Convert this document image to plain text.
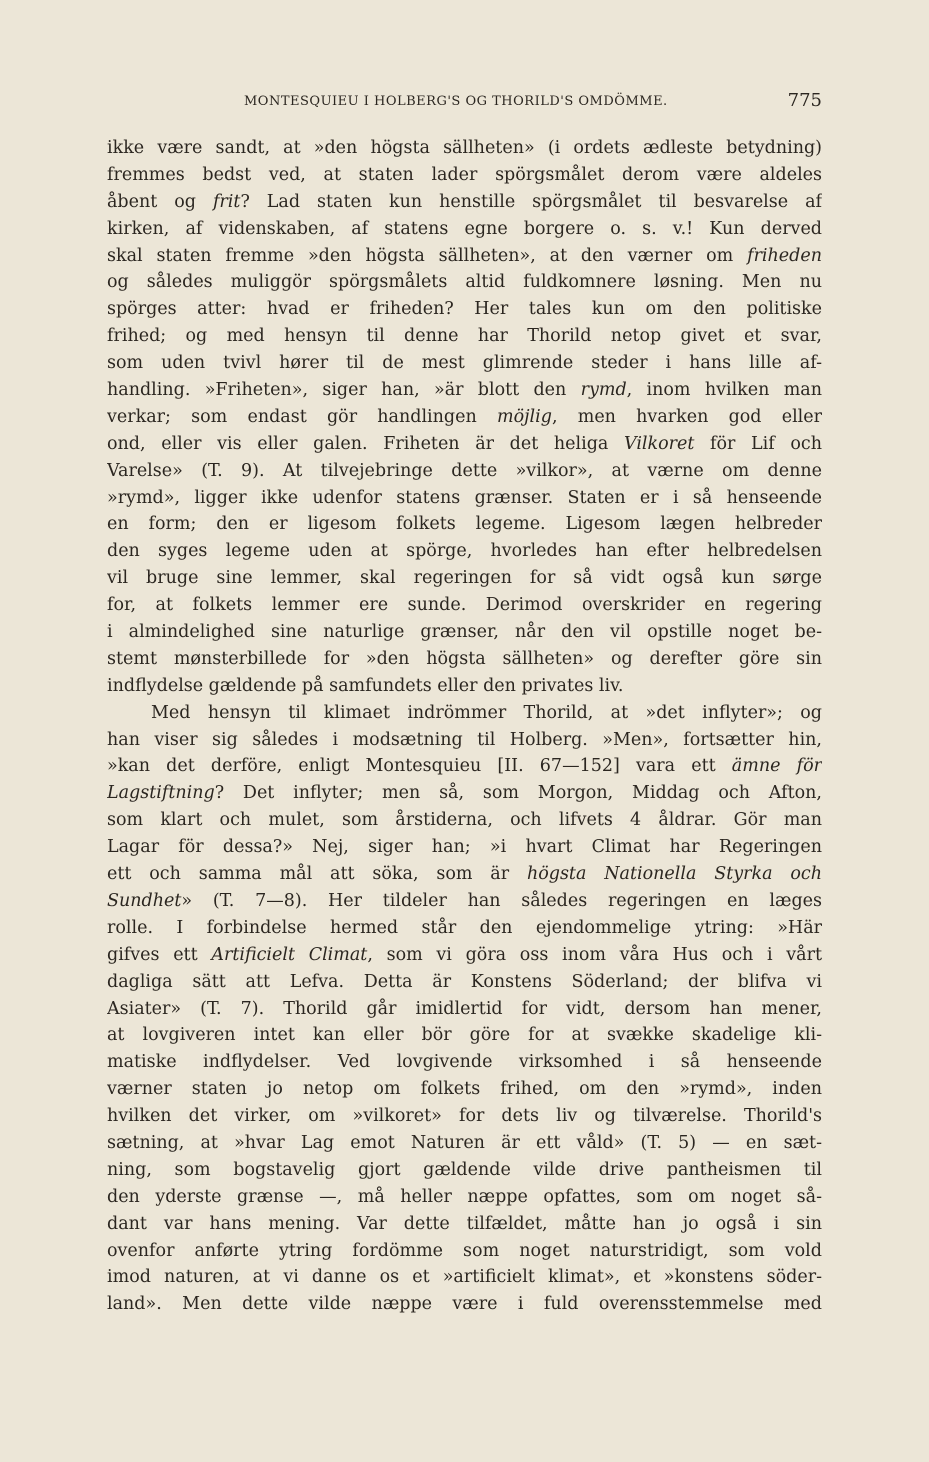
MONTESQUIEU I HOLBERG'S OG THORILD'S OMDÖMME.	775
ikke være sandt, at »den högsta sällheten» (i ordets ædleste betydning)
fremmes bedst ved, at staten lader spörgsmålet derom være aldeles
åbent og frit? Lad staten kun henstille spörgsmålet til besvarelse af
kirken, af videnskaben, af statens egne borgere o. s. v.! Kun derved
skal staten fremme »den högsta sällheten», at den værner om friheden
og således muliggör spörgsmålets altid fuldkomnere løsning. Men nu
spörges atter: hvad er friheden? Her tales kun om den politiske
frihed; og med hensyn til denne har Thorild netop givet et svar,
som uden tvivl hører til de mest glimrende steder i hans lille af-
handling. »Friheten», siger han, »är blott den rymd, inom hvilken man
verkar; som endast gör handlingen möjlig, men hvarken god eller
ond, eller vis eller galen. Friheten är det heliga Vilkoret för Lif och
Varelse» (T. 9). At tilvejebringe dette »vilkor», at værne om denne
»rymd», ligger ikke udenfor statens grænser. Staten er i så henseende
en form; den er ligesom folkets legeme. Ligesom lægen helbreder
den syges legeme uden at spörge, hvorledes han efter helbredelsen
vil bruge sine lemmer, skal regeringen for så vidt også kun sørge
for, at folkets lemmer ere sunde. Derimod overskrider en regering
i almindelighed sine naturlige grænser, når den vil opstille noget be-
stemt mønsterbillede for »den högsta sällheten» og derefter göre sin
indflydelse gældende på samfundets eller den privates liv.
Med hensyn til klimaet indrömmer Thorild, at »det inflyter»; og
han viser sig således i modsætning til Holberg. »Men», fortsætter hin,
»kan det derföre, enligt Montesquieu [II. 67—152] vara ett ämne för
Lagstiftning? Det inflyter; men så, som Morgon, Middag och Afton,
som klart och mulet, som årstiderna, och lifvets 4 åldrar. Gör man
Lagar för dessa?» Nej, siger han; »i hvart Climat har Regeringen
ett och samma mål att söka, som är högsta Nationella Styrka och
Sundhet» (T. 7—8). Her tildeler han således regeringen en læges
rolle. I forbindelse hermed står den ejendommelige ytring: »Här
gifves ett Artificielt Climat, som vi göra oss inom våra Hus och i vårt
dagliga sätt att Lefva. Detta är Konstens Söderland; der blifva vi
Asiater» (T. 7). Thorild går imidlertid for vidt, dersom han mener,
at lovgiveren intet kan eller bör göre for at svække skadelige kli-
matiske indflydelser. Ved lovgivende virksomhed i så henseende
værner staten jo netop om folkets frihed, om den »rymd», inden
hvilken det virker, om »vilkoret» for dets liv og tilværelse. Thorild's
sætning, at »hvar Lag emot Naturen är ett våld» (T. 5) — en sæt-
ning, som bogstavelig gjort gældende vilde drive pantheismen til
den yderste grænse —, må heller næppe opfattes, som om noget så-
dant var hans mening. Var dette tilfældet, måtte han jo også i sin
ovenfor anførte ytring fordömme som noget naturstridigt, som vold
imod naturen, at vi danne os et »artificielt klimat», et »konstens söder-
land». Men dette vilde næppe være i fuld overensstemmelse med
